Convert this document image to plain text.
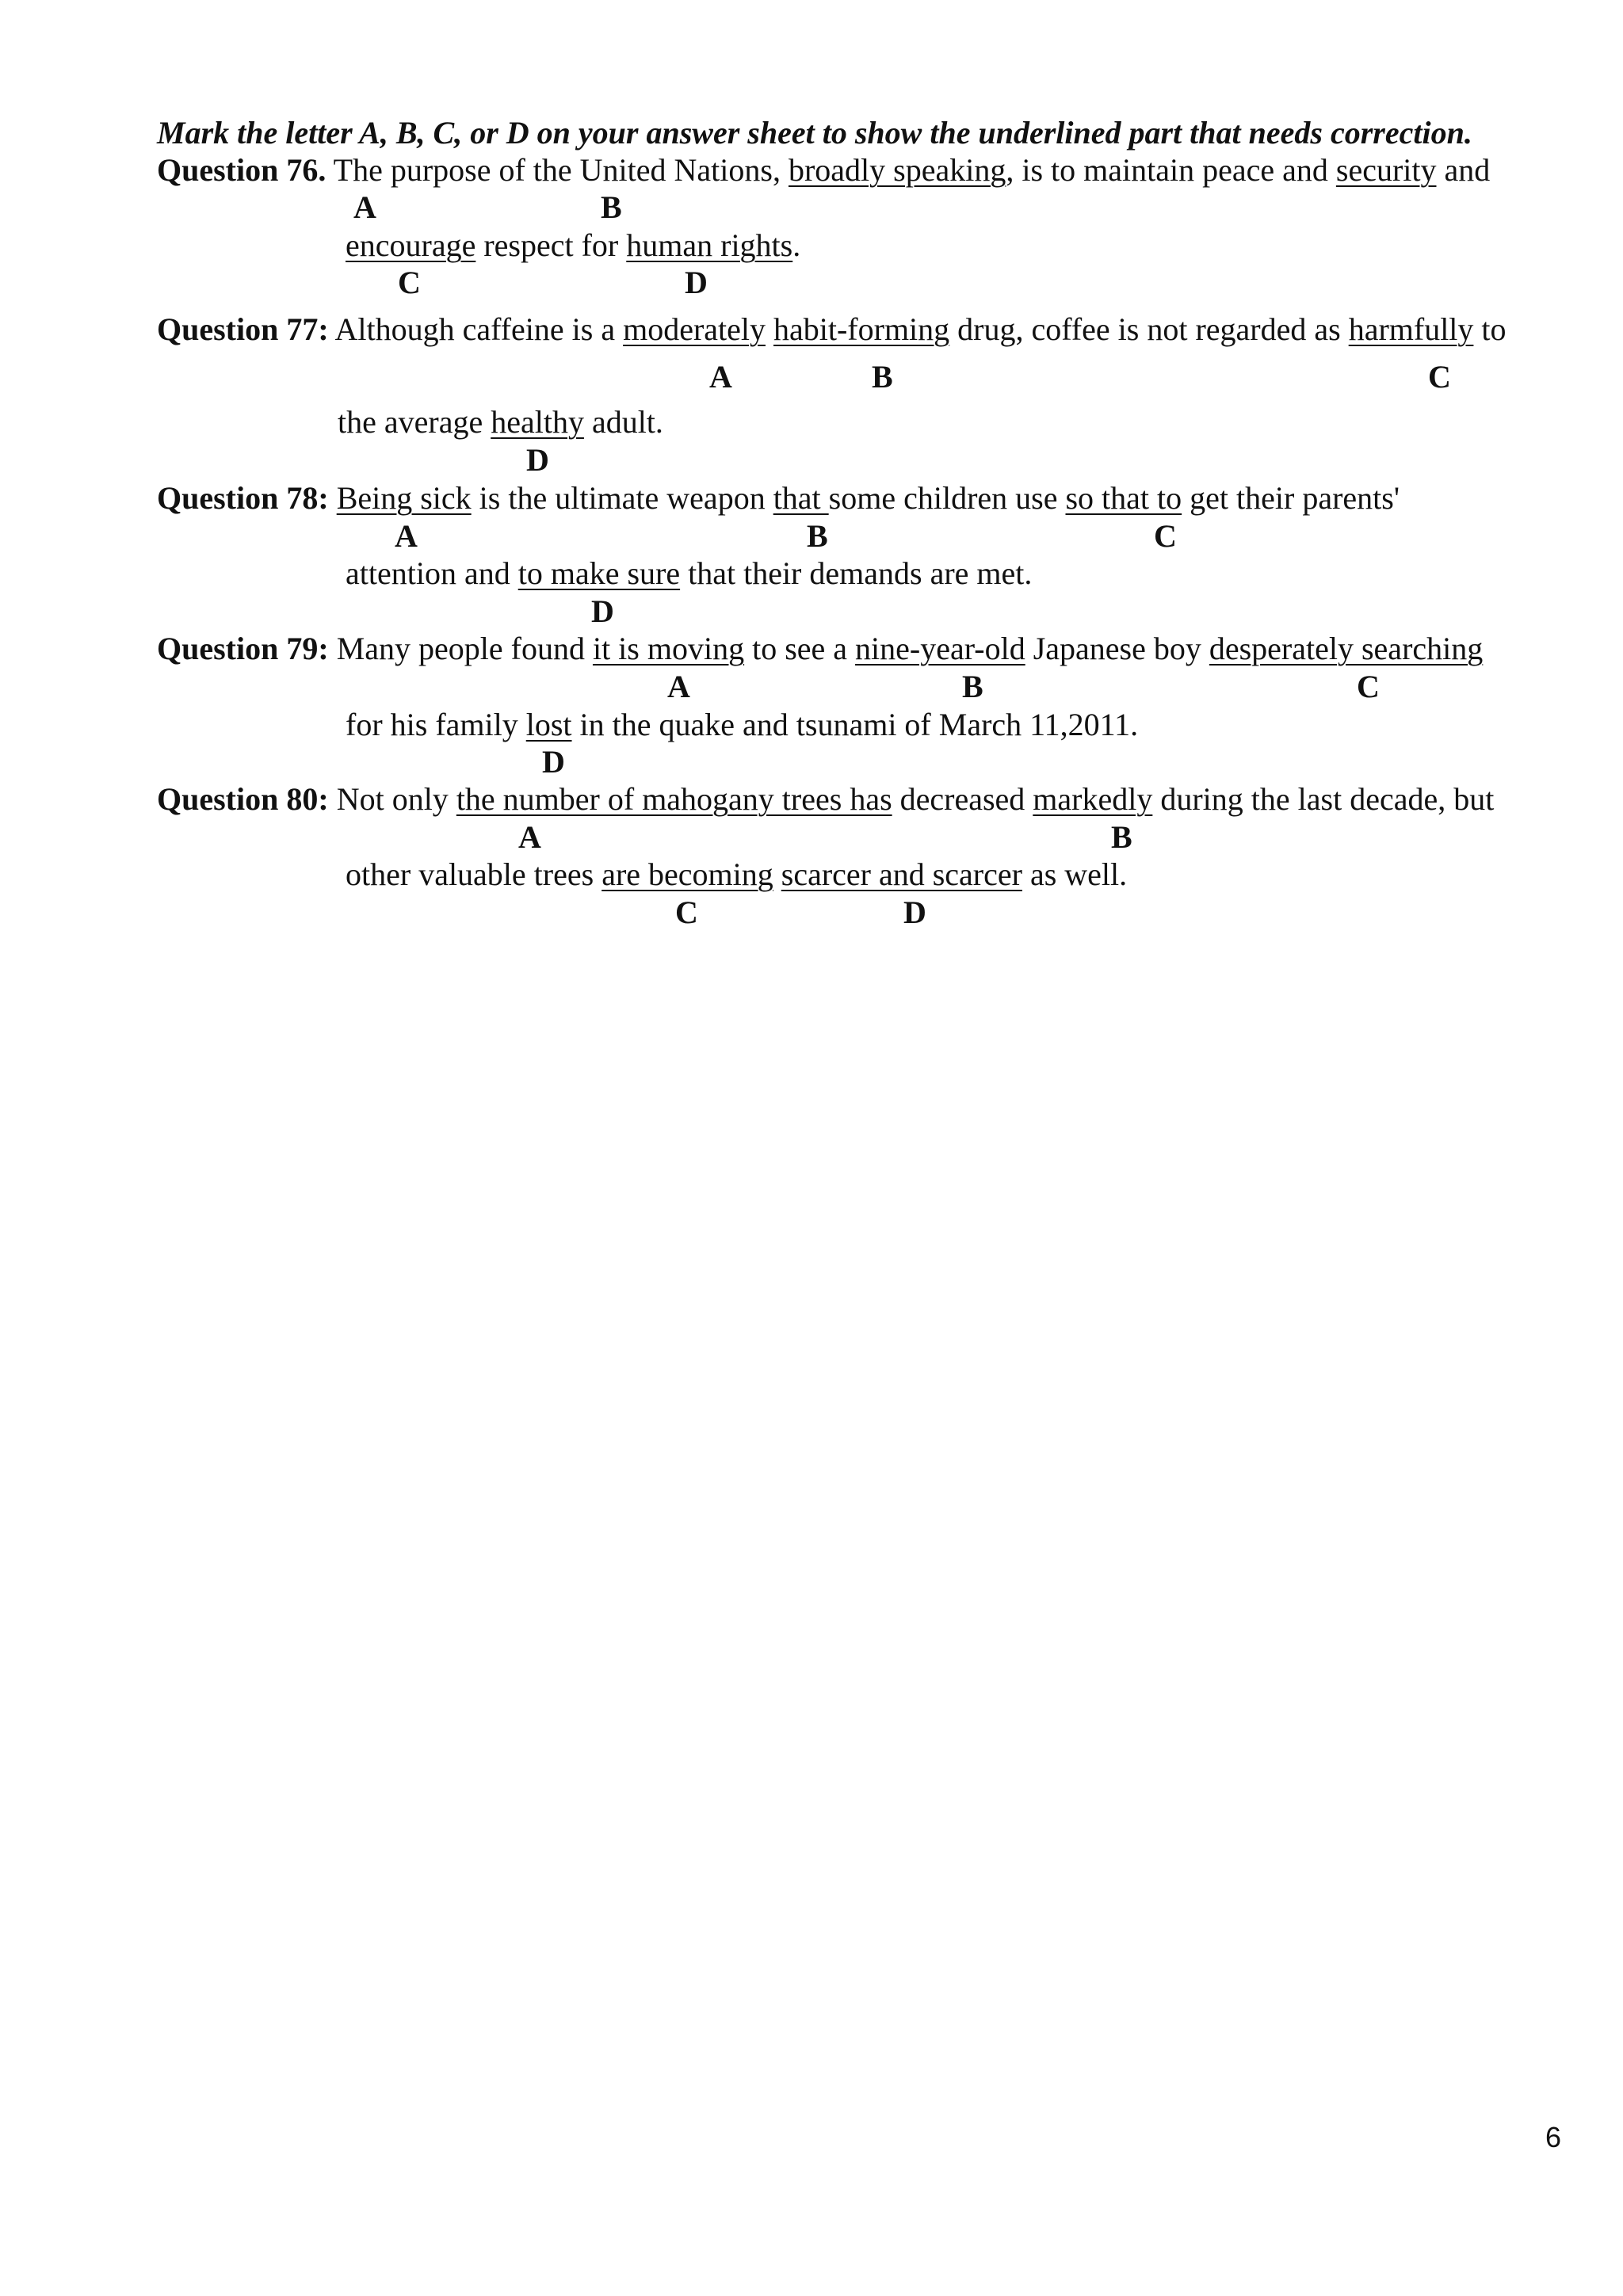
Mark the letter A, B, C, or D on your answer sheet to show the underlined part that needs correction.
Question 76. The purpose of the United Nations, broadly speaking, is to maintain peace and security and
A	B
encourage respect for human rights.
C	D
Question 77: Although caffeine is a moderately habit-forming drug, coffee is not regarded as harmfully to
A	B	C
the average healthy adult.
D
Question 78: Being sick is the ultimate weapon that some children use so that to get their parents'
A	B	C
attention and to make sure that their demands are met.
D
Question 79: Many people found it is moving to see a nine-year-old Japanese boy desperately searching
A	B	C
for his family lost in the quake and tsunami of March 11,2011.
D
Question 80: Not only the number of mahogany trees has decreased markedly during the last decade, but
A	B
other valuable trees are becoming scarcer and scarcer as well.
C	D
6
